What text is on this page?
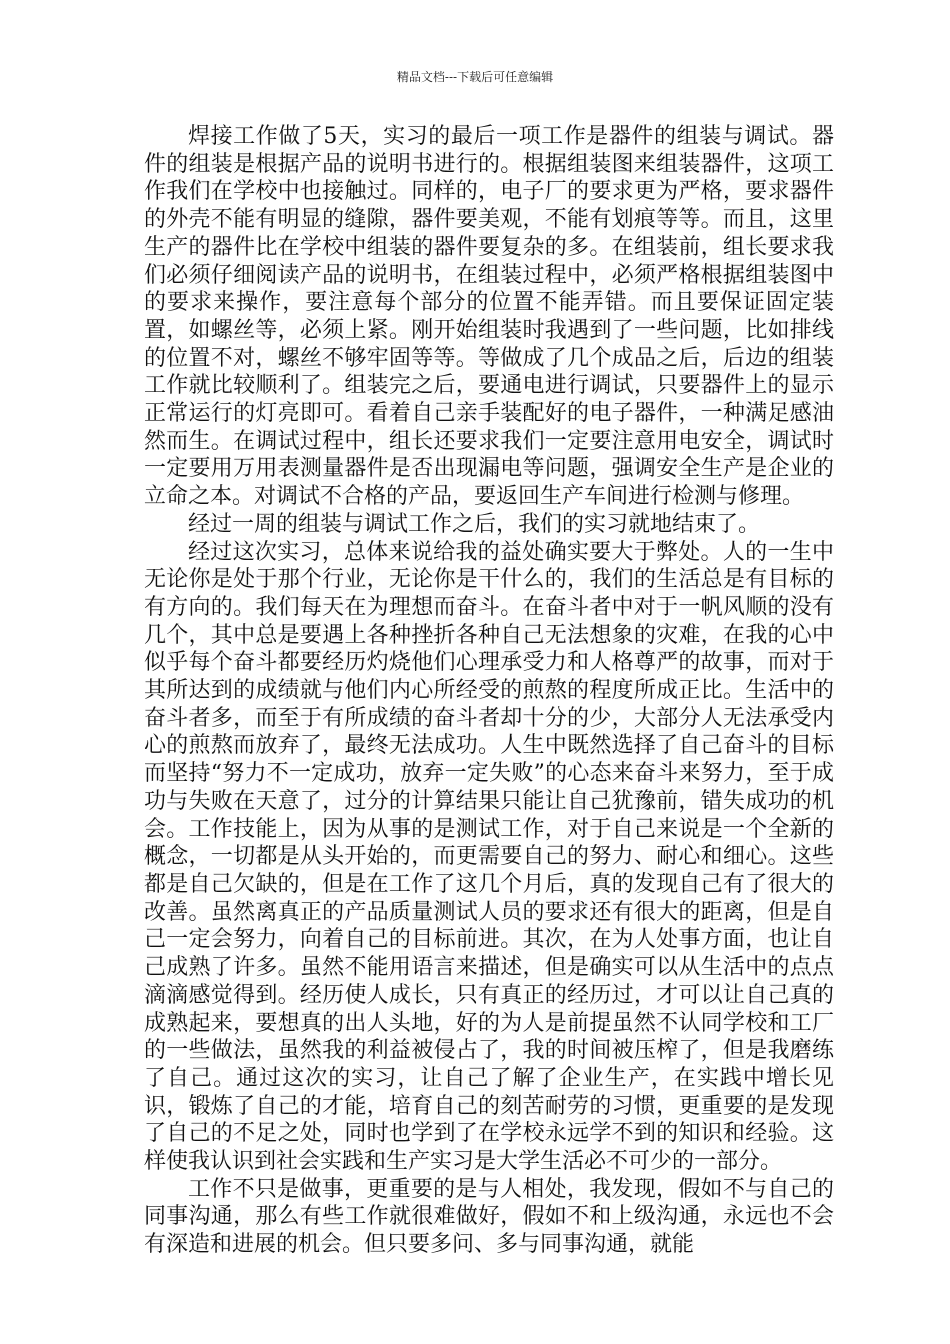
精品文档---下载后可任意编辑

焊接工作做了5天，实习的最后一项工作是器件的组装与调试。器件的组装是根据产品的说明书进行的。根据组装图来组装器件，这项工作我们在学校中也接触过。同样的，电子厂的要求更为严格，要求器件的外壳不能有明显的缝隙，器件要美观，不能有划痕等等。而且，这里生产的器件比在学校中组装的器件要复杂的多。在组装前，组长要求我们必须仔细阅读产品的说明书，在组装过程中，必须严格根据组装图中的要求来操作，要注意每个部分的位置不能弄错。而且要保证固定装置，如螺丝等，必须上紧。刚开始组装时我遇到了一些问题，比如排线的位置不对，螺丝不够牢固等等。等做成了几个成品之后，后边的组装工作就比较顺利了。组装完之后，要通电进行调试，只要器件上的显示正常运行的灯亮即可。看着自己亲手装配好的电子器件，一种满足感油然而生。在调试过程中，组长还要求我们一定要注意用电安全，调试时一定要用万用表测量器件是否出现漏电等问题，强调安全生产是企业的立命之本。对调试不合格的产品，要返回生产车间进行检测与修理。

经过一周的组装与调试工作之后，我们的实习就地结束了。

经过这次实习，总体来说给我的益处确实要大于弊处。人的一生中无论你是处于那个行业，无论你是干什么的，我们的生活总是有目标的有方向的。我们每天在为理想而奋斗。在奋斗者中对于一帆风顺的没有几个，其中总是要遇上各种挫折各种自己无法想象的灾难，在我的心中似乎每个奋斗都要经历灼烧他们心理承受力和人格尊严的故事，而对于其所达到的成绩就与他们内心所经受的煎熬的程度所成正比。生活中的奋斗者多，而至于有所成绩的奋斗者却十分的少，大部分人无法承受内心的煎熬而放弃了，最终无法成功。人生中既然选择了自己奋斗的目标而坚持“努力不一定成功，放弃一定失败”的心态来奋斗来努力，至于成功与失败在天意了，过分的计算结果只能让自己犹豫前，错失成功的机会。工作技能上，因为从事的是测试工作，对于自己来说是一个全新的概念，一切都是从头开始的，而更需要自己的努力、耐心和细心。这些都是自己欠缺的，但是在工作了这几个月后，真的发现自己有了很大的改善。虽然离真正的产品质量测试人员的要求还有很大的距离，但是自己一定会努力，向着自己的目标前进。其次，在为人处事方面，也让自己成熟了许多。虽然不能用语言来描述，但是确实可以从生活中的点点滴滴感觉得到。经历使人成长，只有真正的经历过，才可以让自己真的成熟起来，要想真的出人头地，好的为人是前提虽然不认同学校和工厂的一些做法，虽然我的利益被侵占了，我的时间被压榨了，但是我磨练了自己。通过这次的实习，让自己了解了企业生产，在实践中增长见识，锻炼了自己的才能，培育自己的刻苦耐劳的习惯，更重要的是发现了自己的不足之处，同时也学到了在学校永远学不到的知识和经验。这样使我认识到社会实践和生产实习是大学生活必不可少的一部分。

工作不只是做事，更重要的是与人相处，我发现，假如不与自己的同事沟通，那么有些工作就很难做好，假如不和上级沟通，永远也不会有深造和进展的机会。但只要多问、多与同事沟通，就能
